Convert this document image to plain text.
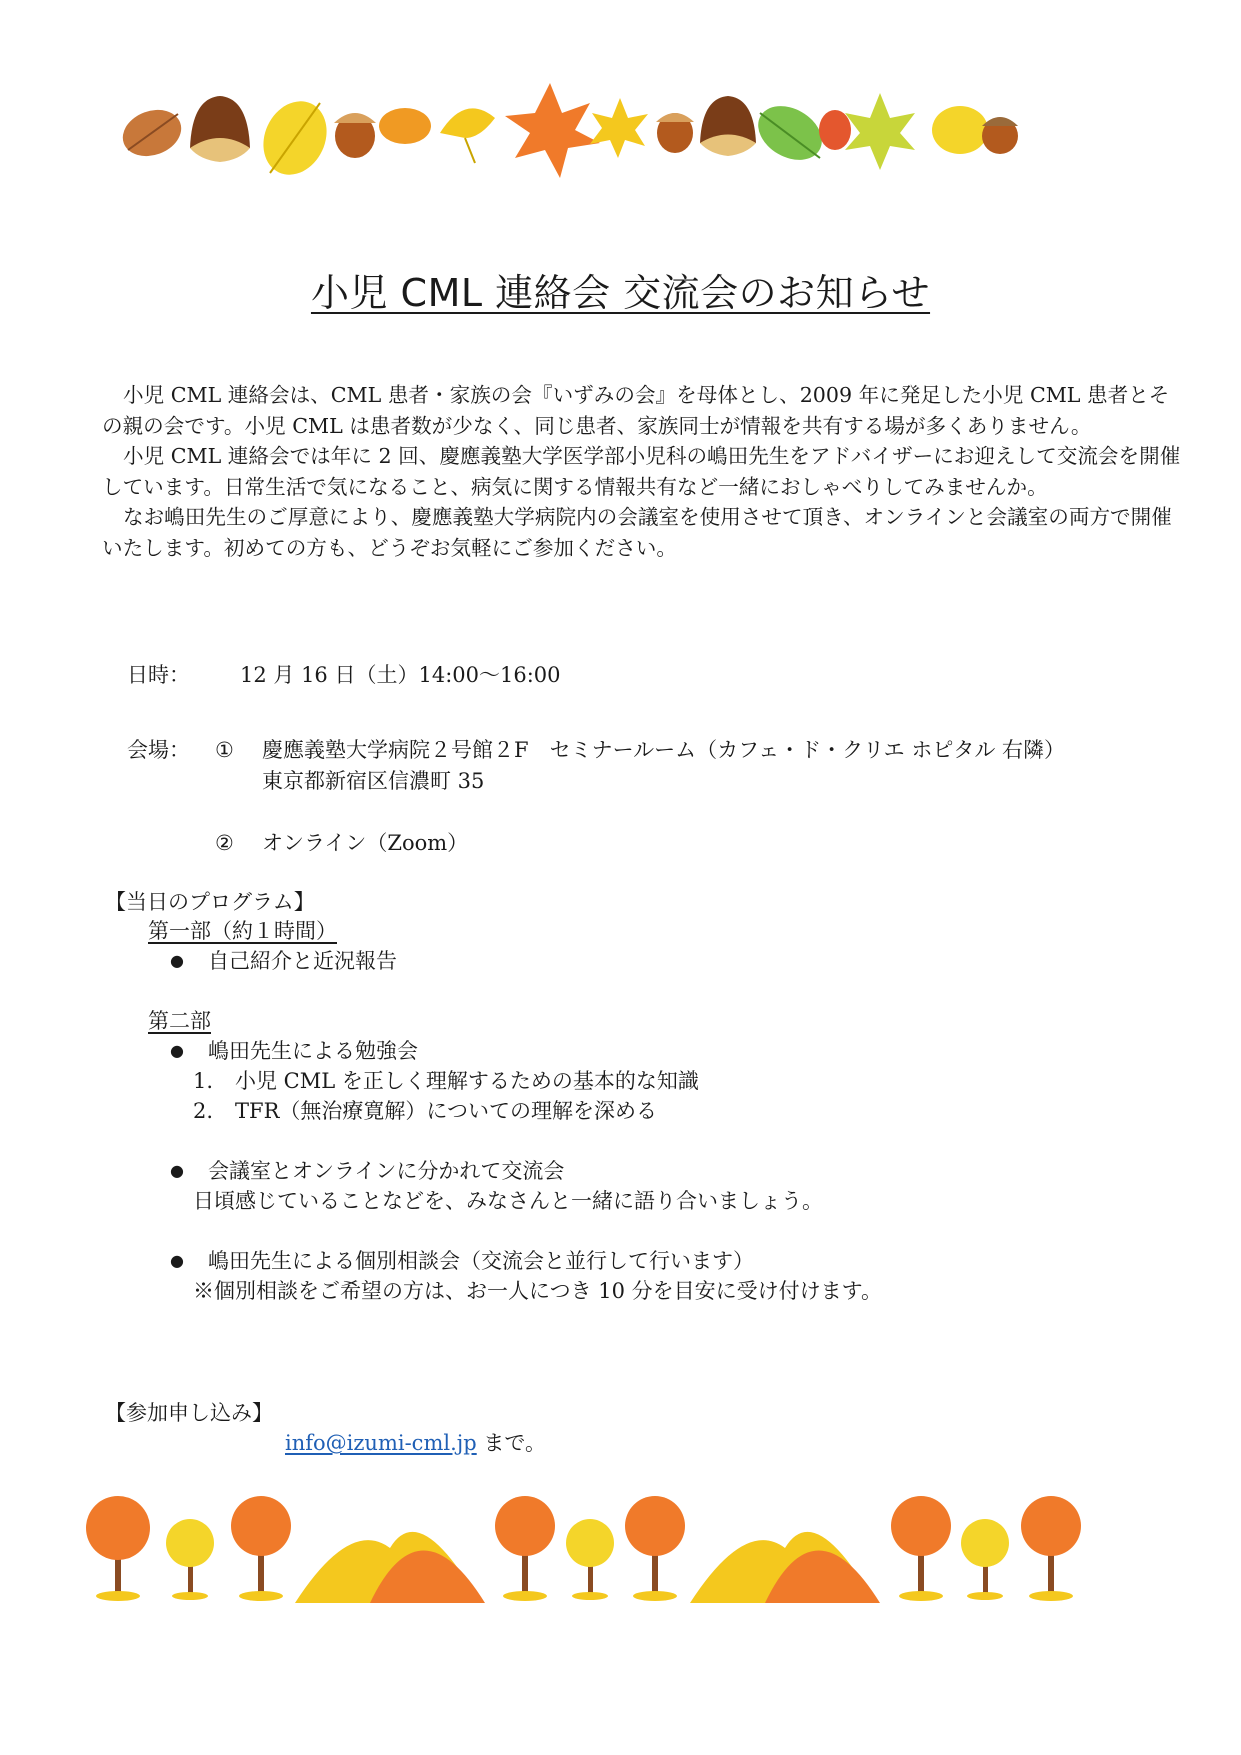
小児 CML 連絡会 交流会のお知らせ

小児 CML 連絡会は、CML 患者・家族の会『いずみの会』を母体とし、2009 年に発足した小児 CML 患者とその親の会です。小児 CML は患者数が少なく、同じ患者、家族同士が情報を共有する場が多くありません。

小児 CML 連絡会では年に 2 回、慶應義塾大学医学部小児科の嶋田先生をアドバイザーにお迎えして交流会を開催しています。日常生活で気になること、病気に関する情報共有など一緒におしゃべりしてみませんか。

なお嶋田先生のご厚意により、慶應義塾大学病院内の会議室を使用させて頂き、オンラインと会議室の両方で開催いたします。初めての方も、どうぞお気軽にご参加ください。

日時： 12 月 16 日（土）14:00～16:00
会場： ① 慶應義塾大学病院２号館２F　セミナールーム（カフェ・ド・クリエ ホピタル 右隣）
東京都新宿区信濃町 35
② オンライン（Zoom）
【当日のプログラム】
第一部（約１時間）
● 自己紹介と近況報告
第二部
● 嶋田先生による勉強会
1. 小児 CML を正しく理解するための基本的な知識
2. TFR（無治療寛解）についての理解を深める
● 会議室とオンラインに分かれて交流会
日頃感じていることなどを、みなさんと一緒に語り合いましょう。
● 嶋田先生による個別相談会（交流会と並行して行います）
※個別相談をご希望の方は、お一人につき 10 分を目安に受け付けます。
【参加申し込み】
info@izumi-cml.jp まで。
